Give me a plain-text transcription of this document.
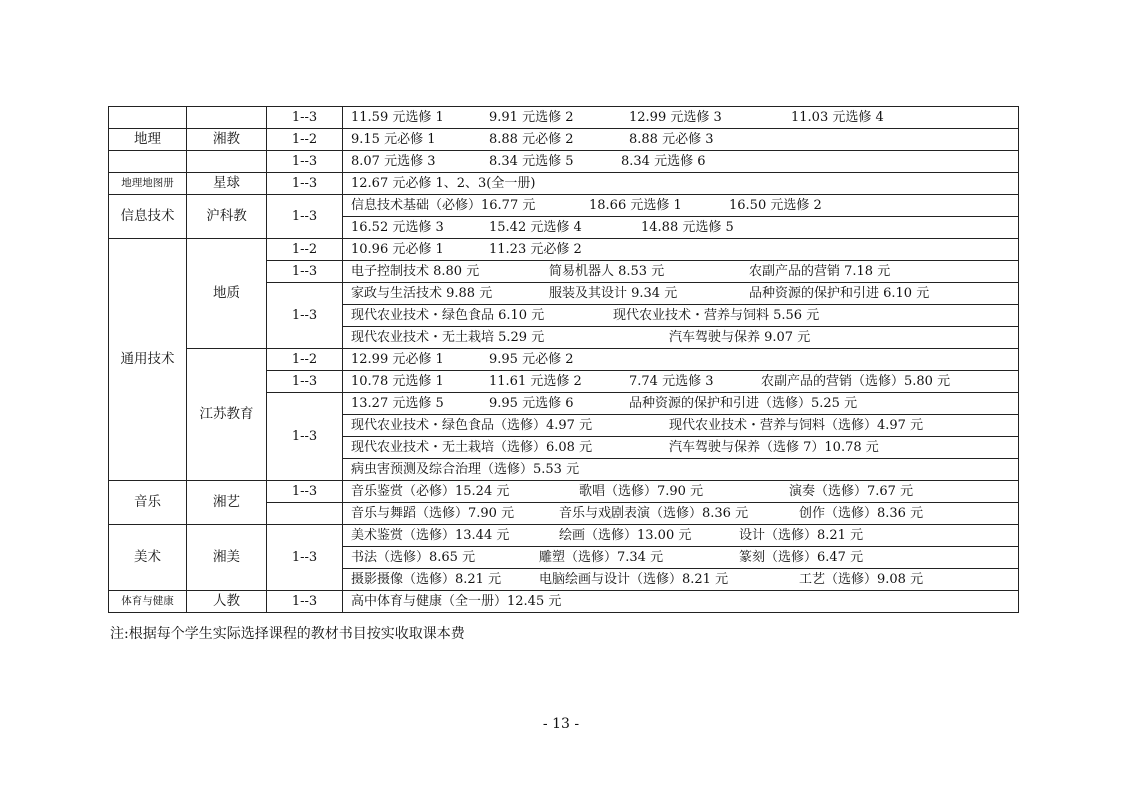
		1--3	11.59 元选修 1 9.91 元选修 2 12.99 元选修 3 11.03 元选修 4

地理	湘教	1--2	9.15 元必修 1 8.88 元必修 2 8.88 元必修 3

		1--3	8.07 元选修 3 8.34 元选修 5 8.34 元选修 6

地理地图册	星球	1--3	12.67 元必修 1、2、3(全一册)

信息技术	沪科教	1--3	信息技术基础（必修）16.77 元 18.66 元选修 1 16.50 元选修 2

			16.52 元选修 3 15.42 元选修 4 14.88 元选修 5

通用技术	地质	1--2	10.96 元必修 1 11.23 元必修 2

		1--3	电子控制技术 8.80 元 简易机器人 8.53 元 农副产品的营销 7.18 元

		1--3	家政与生活技术 9.88 元 服装及其设计 9.34 元 品种资源的保护和引进 6.10 元

			现代农业技术・绿色食品 6.10 元 现代农业技术・营养与饲料 5.56 元

			现代农业技术・无土栽培 5.29 元 汽车驾驶与保养 9.07 元

	江苏教育	1--2	12.99 元必修 1 9.95 元必修 2

		1--3	10.78 元选修 1 11.61 元选修 2 7.74 元选修 3 农副产品的营销（选修）5.80 元

		1--3	13.27 元选修 5 9.95 元选修 6 品种资源的保护和引进（选修）5.25 元

			现代农业技术・绿色食品（选修）4.97 元 现代农业技术・营养与饲料（选修）4.97 元

			现代农业技术・无土栽培（选修）6.08 元 汽车驾驶与保养（选修 7）10.78 元

			病虫害预测及综合治理（选修）5.53 元

音乐	湘艺	1--3	音乐鉴赏（必修）15.24 元 歌唱（选修）7.90 元 演奏（选修）7.67 元

			音乐与舞蹈（选修）7.90 元 音乐与戏剧表演（选修）8.36 元 创作（选修）8.36 元

美术	湘美	1--3	美术鉴赏（选修）13.44 元 绘画（选修）13.00 元 设计（选修）8.21 元

			书法（选修）8.65 元 雕塑（选修）7.34 元 篆刻（选修）6.47 元

			摄影摄像（选修）8.21 元 电脑绘画与设计（选修）8.21 元 工艺（选修）9.08 元

体育与健康	人教	1--3	高中体育与健康（全一册）12.45 元
注:根据每个学生实际选择课程的教材书目按实收取课本费
- 13 -
